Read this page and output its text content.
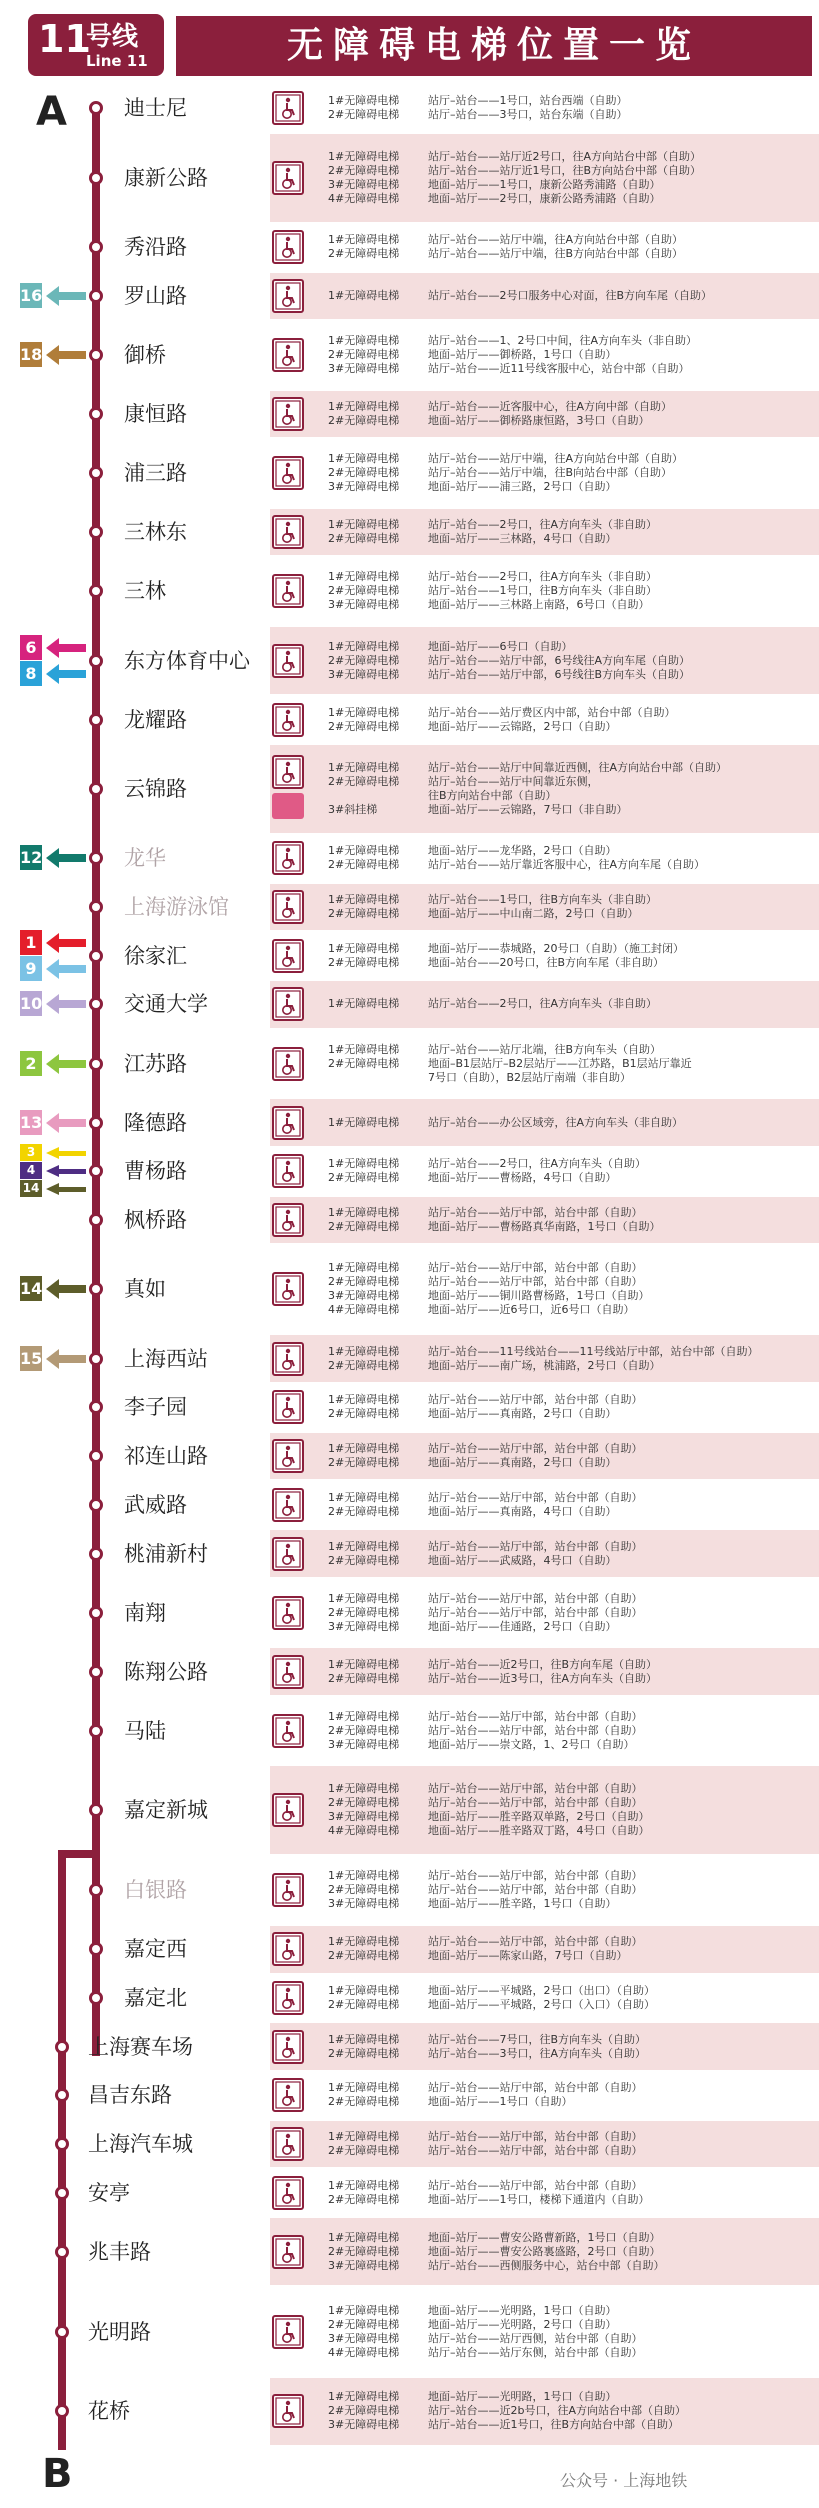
11
号线
Line 11	无障碍电梯位置一览
A
B
迪士尼	1#无障碍电梯	站厅–站台——1号口，站台西端（自助）
2#无障碍电梯	站厅–站台——3号口，站台东端（自助）
康新公路
1#无障碍电梯	站厅–站台——站厅近2号口，往A方向站台中部（自助）
2#无障碍电梯	站厅–站台——站厅近1号口，往B方向站台中部（自助）
3#无障碍电梯	地面–站厅——1号口，康新公路秀浦路（自助）
4#无障碍电梯	地面–站厅——2号口，康新公路秀浦路（自助）
秀沿路	1#无障碍电梯	站厅–站台——站厅中端，往A方向站台中部（自助）
2#无障碍电梯	站厅–站台——站厅中端，往B方向站台中部（自助）
罗山路	1#无障碍电梯	站厅–站台——2号口服务中心对面，往B方向车尾（自助）
御桥
1#无障碍电梯	站厅–站台——1、2号口中间，往A方向车头（非自助）
2#无障碍电梯	地面–站厅——御桥路，1号口（自助）
3#无障碍电梯	站厅–站台——近11号线客服中心，站台中部（自助）
康恒路	1#无障碍电梯	站厅–站台——近客服中心，往A方向中部（自助）
2#无障碍电梯	地面–站厅——御桥路康恒路，3号口（自助）
浦三路
1#无障碍电梯	站厅–站台——站厅中端，往A方向站台中部（自助）
2#无障碍电梯	站厅–站台——站厅中端，往B向站台中部（自助）
3#无障碍电梯	地面–站厅——浦三路，2号口（自助）
三林东	1#无障碍电梯	站厅–站台——2号口，往A方向车头（非自助）
2#无障碍电梯	地面–站厅——三林路，4号口（自助）
三林
1#无障碍电梯	站厅–站台——2号口，往A方向车头（非自助）
2#无障碍电梯	站厅–站台——1号口，往B方向车头（非自助）
3#无障碍电梯	地面–站厅——三林路上南路，6号口（自助）
东方体育中心
1#无障碍电梯	地面–站厅——6号口（自助）
2#无障碍电梯	站厅–站台——站厅中部，6号线往A方向车尾（自助）
3#无障碍电梯	站厅–站台——站厅中部，6号线往B方向车头（自助）
龙耀路	1#无障碍电梯	站厅–站台——站厅费区内中部，站台中部（自助）
2#无障碍电梯	地面–站厅——云锦路，2号口（自助）
云锦路
1#无障碍电梯	站厅–站台——站厅中间靠近西侧，往A方向站台中部（自助）
2#无障碍电梯	站厅–站台——站厅中间靠近东侧，
往B方向站台中部（自助）
3#斜挂梯	地面–站厅——云锦路，7号口（非自助）
龙华	1#无障碍电梯	地面–站厅——龙华路，2号口（自助）
2#无障碍电梯	站厅–站台——站厅靠近客服中心，往A方向车尾（自助）
上海游泳馆	1#无障碍电梯	站厅–站台——1号口，往B方向车头（非自助）
2#无障碍电梯	地面–站厅——中山南二路，2号口（自助）
徐家汇	1#无障碍电梯	地面–站厅——恭城路，20号口（自助）（施工封闭）
2#无障碍电梯	地面–站台——20号口，往B方向车尾（非自助）
交通大学	1#无障碍电梯	站厅–站台——2号口，往A方向车头（非自助）
江苏路
1#无障碍电梯	站厅–站台——站厅北端，往B方向车头（自助）
2#无障碍电梯	地面–B1层站厅–B2层站厅——江苏路，B1层站厅靠近
7号口（自助），B2层站厅南端（非自助）
隆德路	1#无障碍电梯	站厅–站台——办公区域旁，往A方向车头（非自助）
曹杨路	1#无障碍电梯	站厅–站台——2号口，往A方向车头（自助）
2#无障碍电梯	地面–站厅——曹杨路，4号口（自助）
枫桥路	1#无障碍电梯	站厅–站台——站厅中部，站台中部（自助）
2#无障碍电梯	地面–站厅——曹杨路真华南路，1号口（自助）
真如
1#无障碍电梯	站厅–站台——站厅中部，站台中部（自助）
2#无障碍电梯	站厅–站台——站厅中部，站台中部（自助）
3#无障碍电梯	地面–站厅——铜川路曹杨路，1号口（自助）
4#无障碍电梯	地面–站厅——近6号口，近6号口（自助）
上海西站	1#无障碍电梯	站厅–站台——11号线站台——11号线站厅中部，站台中部（自助）
2#无障碍电梯	地面–站厅——南广场，桃浦路，2号口（自助）
李子园	1#无障碍电梯	站厅–站台——站厅中部，站台中部（自助）
2#无障碍电梯	地面–站厅——真南路，2号口（自助）
祁连山路	1#无障碍电梯	站厅–站台——站厅中部，站台中部（自助）
2#无障碍电梯	地面–站厅——真南路，2号口（自助）
武威路	1#无障碍电梯	站厅–站台——站厅中部，站台中部（自助）
2#无障碍电梯	地面–站厅——真南路，4号口（自助）
桃浦新村	1#无障碍电梯	站厅–站台——站厅中部，站台中部（自助）
2#无障碍电梯	地面–站厅——武威路，4号口（自助）
南翔
1#无障碍电梯	站厅–站台——站厅中部，站台中部（自助）
2#无障碍电梯	站厅–站台——站厅中部，站台中部（自助）
3#无障碍电梯	地面–站厅——佳通路，2号口（自助）
陈翔公路	1#无障碍电梯	站厅–站台——近2号口，往B方向车尾（自助）
2#无障碍电梯	站厅–站台——近3号口，往A方向车头（自助）
马陆
1#无障碍电梯	站厅–站台——站厅中部，站台中部（自助）
2#无障碍电梯	站厅–站台——站厅中部，站台中部（自助）
3#无障碍电梯	地面–站厅——崇文路，1、2号口（自助）
嘉定新城
1#无障碍电梯	站厅–站台——站厅中部，站台中部（自助）
2#无障碍电梯	站厅–站台——站厅中部，站台中部（自助）
3#无障碍电梯	地面–站厅——胜辛路双单路，2号口（自助）
4#无障碍电梯	地面–站厅——胜辛路双丁路，4号口（自助）
白银路
1#无障碍电梯	站厅–站台——站厅中部，站台中部（自助）
2#无障碍电梯	站厅–站台——站厅中部，站台中部（自助）
3#无障碍电梯	地面–站厅——胜辛路，1号口（自助）
嘉定西	1#无障碍电梯	站厅–站台——站厅中部，站台中部（自助）
2#无障碍电梯	地面–站厅——陈家山路，7号口（自助）
嘉定北	1#无障碍电梯	地面–站厅——平城路，2号口（出口）（自助）
2#无障碍电梯	地面–站厅——平城路，2号口（入口）（自助）
上海赛车场	1#无障碍电梯	站厅–站台——7号口，往B方向车头（自助）
2#无障碍电梯	站厅–站台——3号口，往A方向车头（自助）
昌吉东路	1#无障碍电梯	站厅–站台——站厅中部，站台中部（自助）
2#无障碍电梯	地面–站厅——1号口（自助）
上海汽车城	1#无障碍电梯	站厅–站台——站厅中部，站台中部（自助）
2#无障碍电梯	站厅–站台——站厅中部，站台中部（自助）
安亭	1#无障碍电梯	站厅–站台——站厅中部，站台中部（自助）
2#无障碍电梯	地面–站厅——1号口，楼梯下通道内（自助）
兆丰路
1#无障碍电梯	地面–站厅——曹安公路曹新路，1号口（自助）
2#无障碍电梯	地面–站厅——曹安公路裏盛路，2号口（自助）
3#无障碍电梯	站厅–站台——西侧服务中心，站台中部（自助）
光明路
1#无障碍电梯	地面–站厅——光明路，1号口（自助）
2#无障碍电梯	地面–站厅——光明路，2号口（自助）
3#无障碍电梯	站厅–站台——站厅西侧，站台中部（自助）
4#无障碍电梯	站厅–站台——站厅东侧，站台中部（自助）
花桥
1#无障碍电梯	地面–站厅——光明路，1号口（自助）
2#无障碍电梯	站厅–站台——近2b号口，往A方向站台中部（自助）
3#无障碍电梯	站厅–站台——近1号口，往B方向站台中部（自助）
16
18
6
8
12
1
9
10
2
13
3
4
14
14
15
公众号 · 上海地铁
